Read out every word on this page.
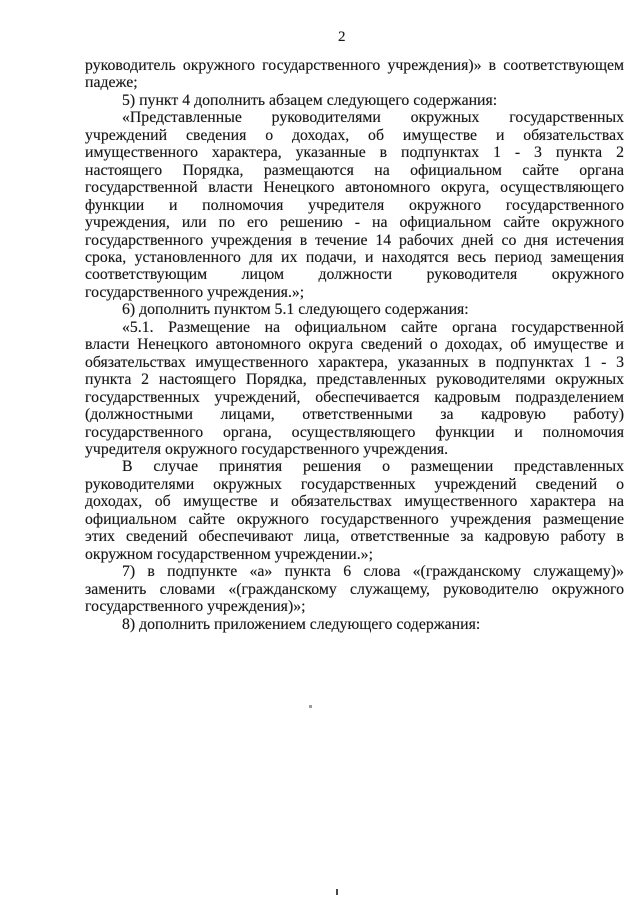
2
руководитель окружного государственного учреждения)» в соответствующем
падеже;
5) пункт 4 дополнить абзацем следующего содержания:
«Представленные руководителями окружных государственных
учреждений сведения о доходах, об имуществе и обязательствах
имущественного характера, указанные в подпунктах 1 - 3 пункта 2
настоящего Порядка, размещаются на официальном сайте органа
государственной власти Ненецкого автономного округа, осуществляющего
функции и полномочия учредителя окружного государственного
учреждения, или по его решению - на официальном сайте окружного
государственного учреждения в течение 14 рабочих дней со дня истечения
срока, установленного для их подачи, и находятся весь период замещения
соответствующим лицом должности руководителя окружного
государственного учреждения.»;
6) дополнить пунктом 5.1 следующего содержания:
«5.1. Размещение на официальном сайте органа государственной
власти Ненецкого автономного округа сведений о доходах, об имуществе и
обязательствах имущественного характера, указанных в подпунктах 1 - 3
пункта 2 настоящего Порядка, представленных руководителями окружных
государственных учреждений, обеспечивается кадровым подразделением
(должностными лицами, ответственными за кадровую работу)
государственного органа, осуществляющего функции и полномочия
учредителя окружного государственного учреждения.
В случае принятия решения о размещении представленных
руководителями окружных государственных учреждений сведений о
доходах, об имуществе и обязательствах имущественного характера на
официальном сайте окружного государственного учреждения размещение
этих сведений обеспечивают лица, ответственные за кадровую работу в
окружном государственном учреждении.»;
7) в подпункте «а» пункта 6 слова «(гражданскому служащему)»
заменить словами «(гражданскому служащему, руководителю окружного
государственного учреждения)»;
8) дополнить приложением следующего содержания:
